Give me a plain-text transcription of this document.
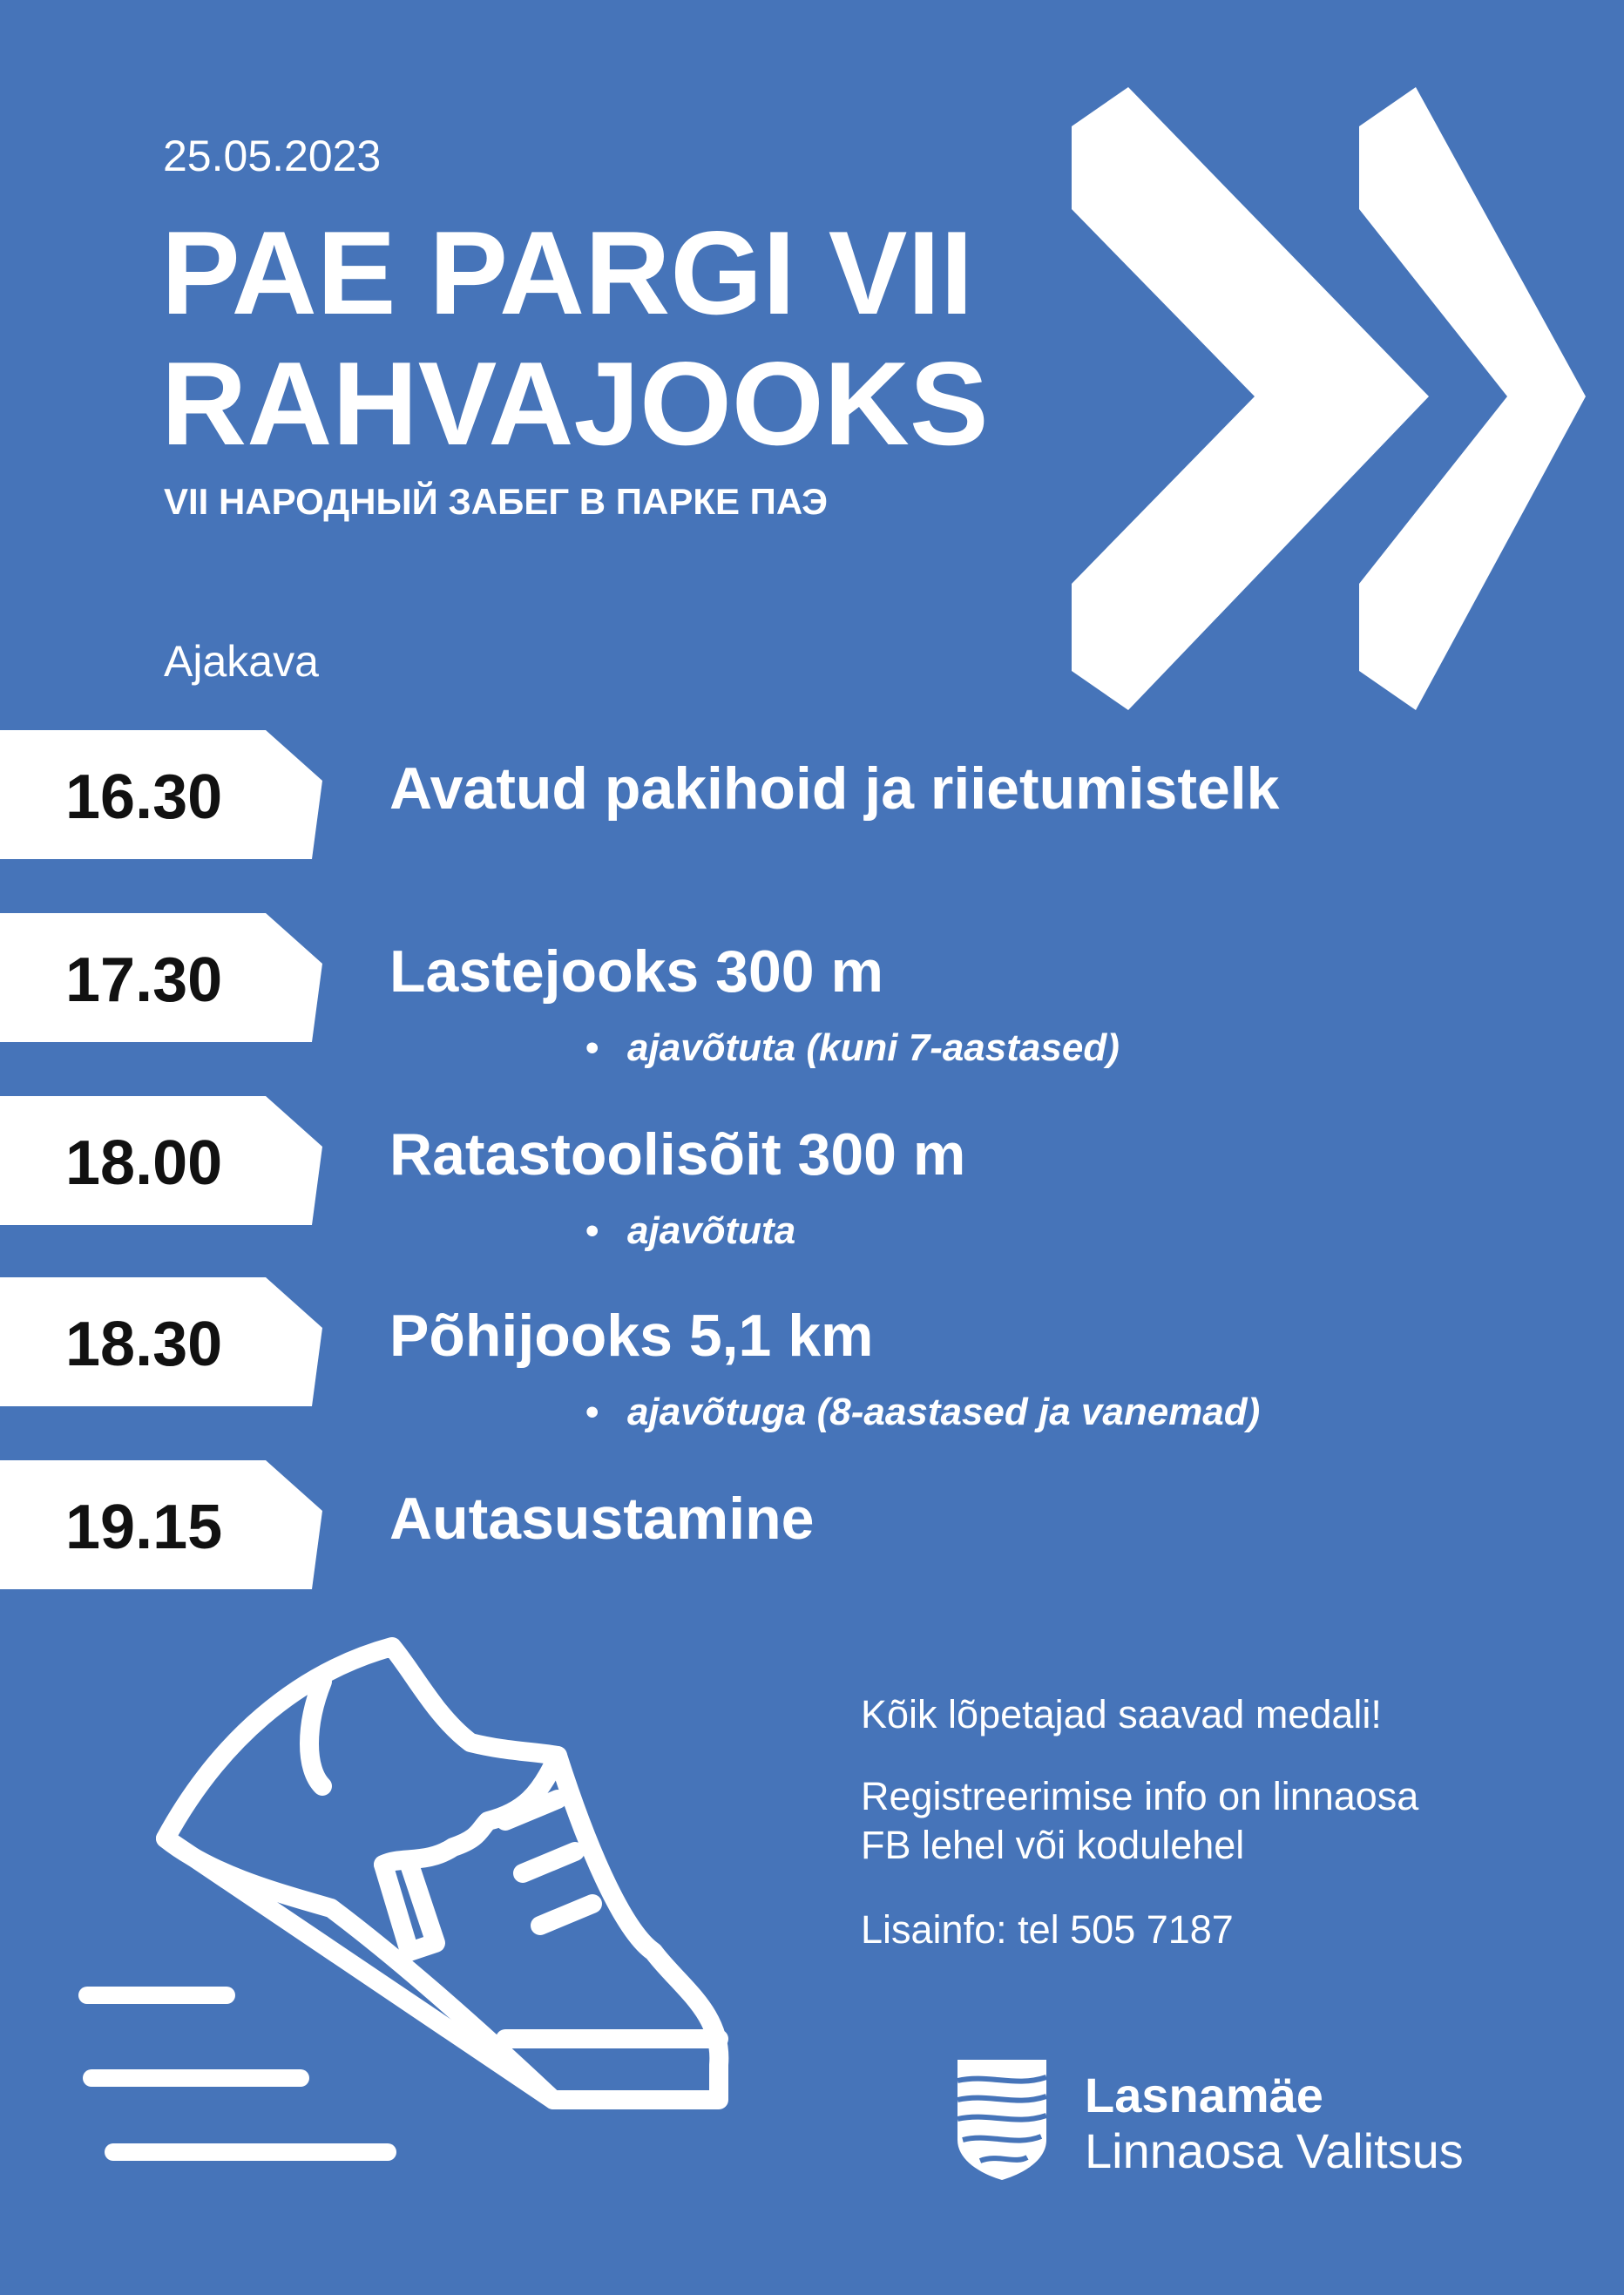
25.05.2023
PAE PARGI VII
RAHVAJOOKS
VII НАРОДНЫЙ ЗАБЕГ В ПАРКЕ ПАЭ
Ajakava
16.30	Avatud pakihoid ja riietumistelk
17.30	Lastejooks 300 m
• ajavõtuta (kuni 7-aastased)
18.00	Ratastoolisõit 300 m
• ajavõtuta
18.30	Põhijooks 5,1 km
• ajavõtuga (8-aastased ja vanemad)
19.15	Autasustamine
Kõik lõpetajad saavad medali!
Registreerimise info on linnaosa
FB lehel või kodulehel
Lisainfo: tel 505 7187
Lasnamäe
Linnaosa Valitsus
